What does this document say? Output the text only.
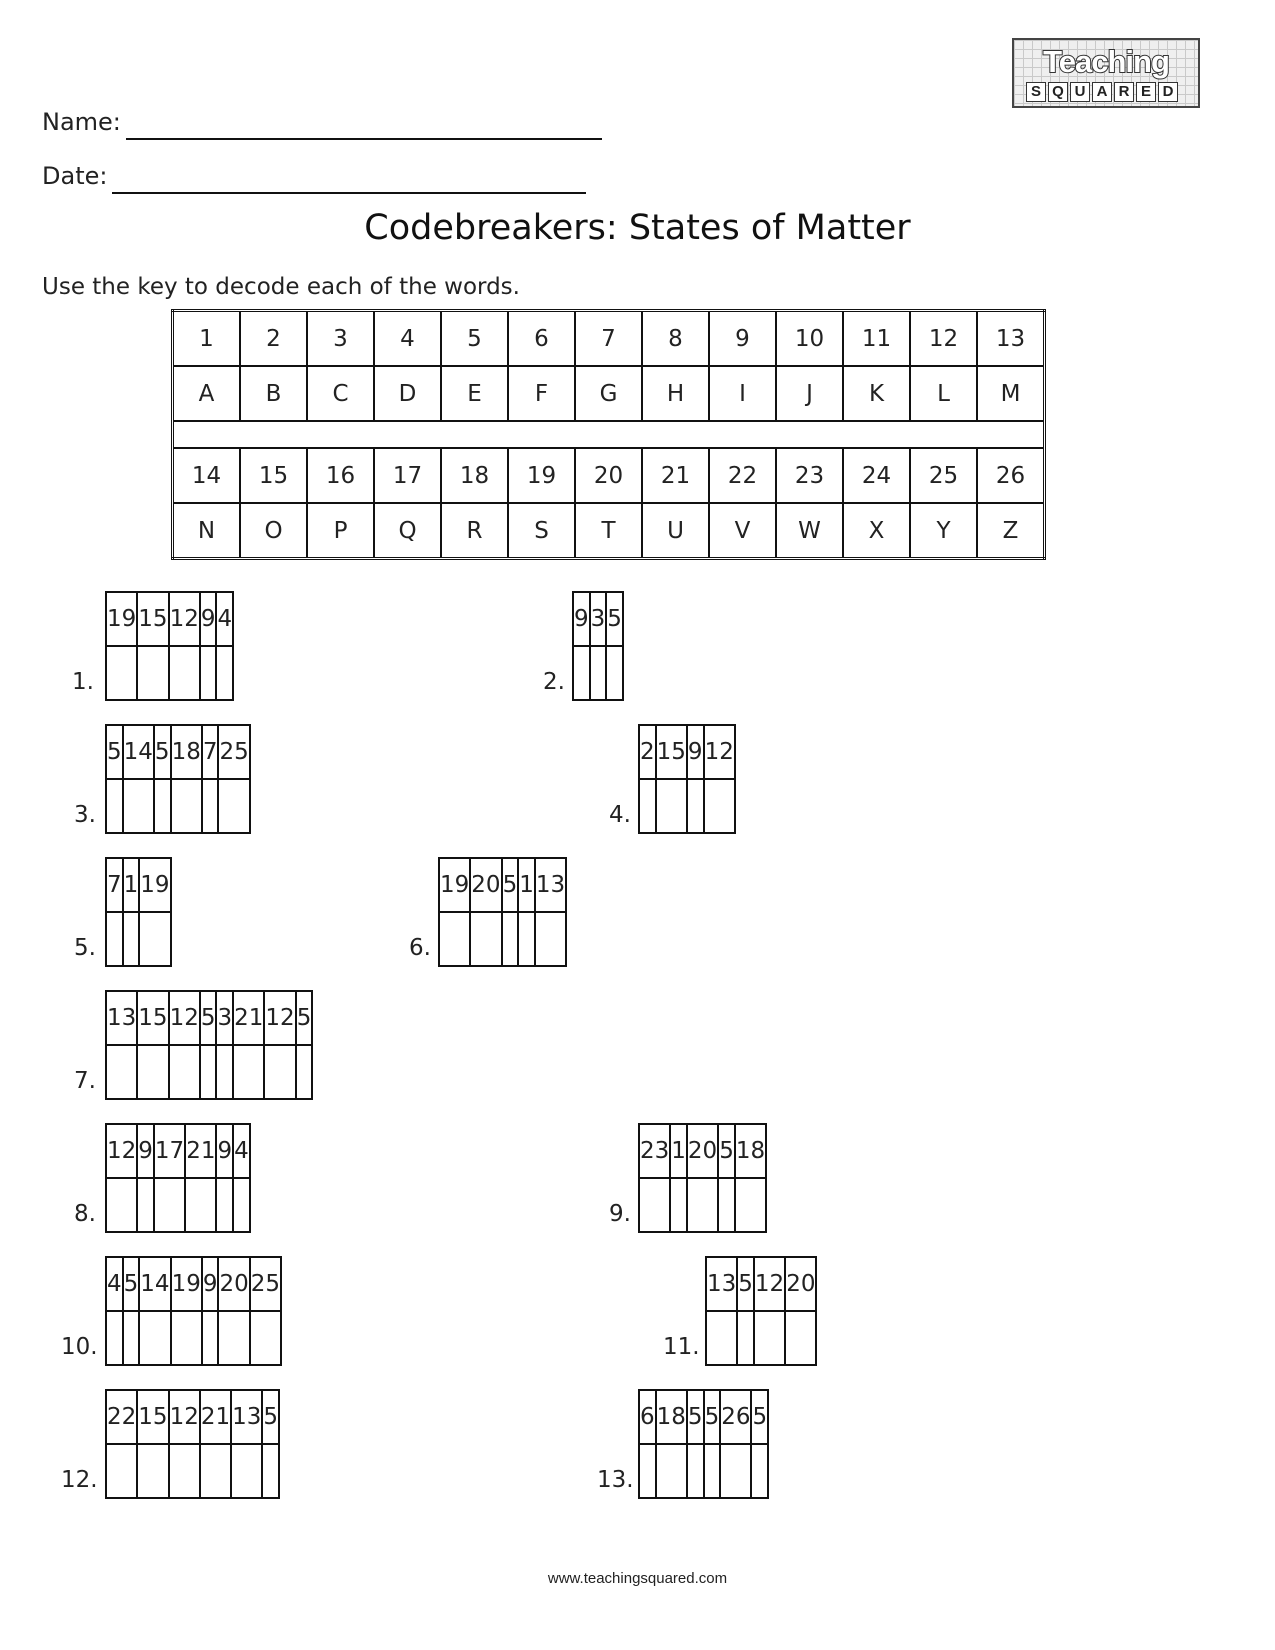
Teaching
S Q U A R E D
Name:
Date:
Codebreakers: States of Matter
Use the key to decode each of the words.
1	2	3	4	5	6	7	8	9	10	11	12	13
A	B	C	D	E	F	G	H	I	J	K	L	M

14	15	16	17	18	19	20	21	22	23	24	25	26
N	O	P	Q	R	S	T	U	V	W	X	Y	Z
1.
19	15	12	9	4

2.
9	3	5

3.
5	14	5	18	7	25

4.
2	15	9	12

5.
7	1	19

6.
19	20	5	1	13

7.
13	15	12	5	3	21	12	5

8.
12	9	17	21	9	4

9.
23	1	20	5	18

10.
4	5	14	19	9	20	25

11.
13	5	12	20

12.
22	15	12	21	13	5

13.
6	18	5	5	26	5

www.teachingsquared.com
